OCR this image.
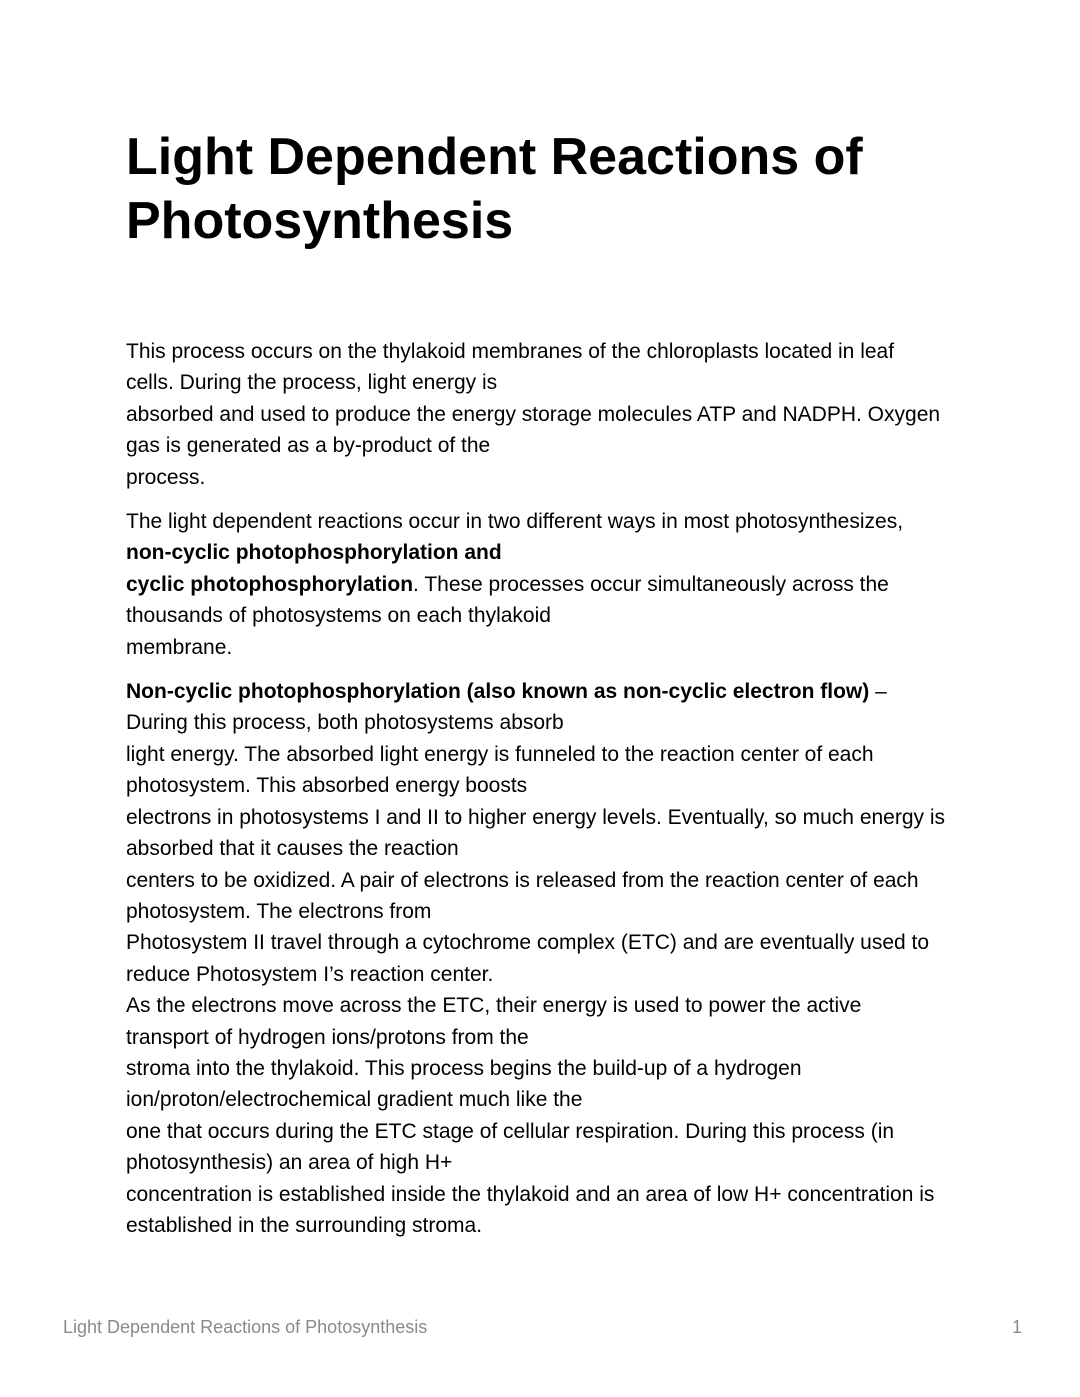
Light Dependent Reactions of
Photosynthesis

This process occurs on the thylakoid membranes of the chloroplasts located in leaf
cells. During the process, light energy is
absorbed and used to produce the energy storage molecules ATP and NADPH. Oxygen
gas is generated as a by-product of the
process.

The light dependent reactions occur in two different ways in most photosynthesizes,
non-cyclic photophosphorylation and
cyclic photophosphorylation. These processes occur simultaneously across the
thousands of photosystems on each thylakoid
membrane.

Non-cyclic photophosphorylation (also known as non-cyclic electron flow) –
During this process, both photosystems absorb
light energy. The absorbed light energy is funneled to the reaction center of each
photosystem. This absorbed energy boosts
electrons in photosystems I and II to higher energy levels. Eventually, so much energy is
absorbed that it causes the reaction
centers to be oxidized. A pair of electrons is released from the reaction center of each
photosystem. The electrons from
Photosystem II travel through a cytochrome complex (ETC) and are eventually used to
reduce Photosystem I’s reaction center.
As the electrons move across the ETC, their energy is used to power the active
transport of hydrogen ions/protons from the
stroma into the thylakoid. This process begins the build-up of a hydrogen
ion/proton/electrochemical gradient much like the
one that occurs during the ETC stage of cellular respiration. During this process (in
photosynthesis) an area of high H+
concentration is established inside the thylakoid and an area of low H+ concentration is
established in the surrounding stroma.

Light Dependent Reactions of Photosynthesis	1
